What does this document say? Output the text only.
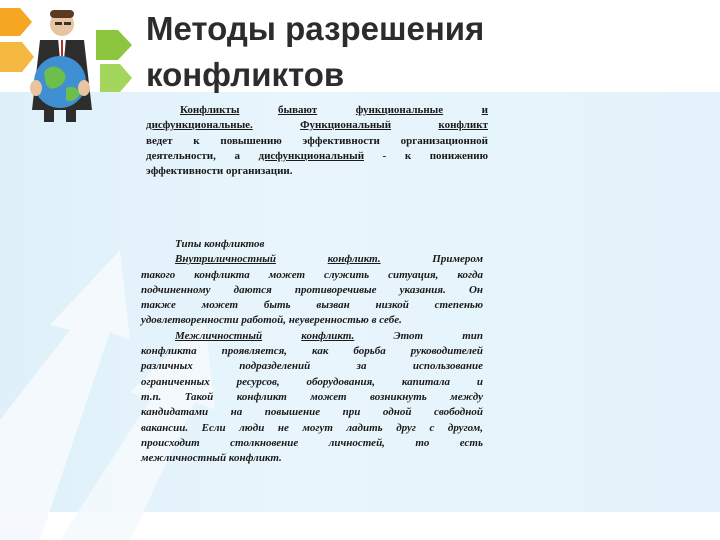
Методы разрешения
конфликтов
Конфликты	бывают	функциональные	и
дисфункциональные.	Функциональный	конфликт
ведет к повышению эффективности организационной
деятельности, а дисфункциональный - к понижению
эффективности организации.
Типы конфликтов
Внутриличностный	конфликт.	Примером
такого конфликта может служить ситуация, когда
подчиненному даются противоречивые указания. Он
также может быть вызван низкой степенью
удовлетворенности работой, неуверенностью в себе.
Межличностный	конфликт.	Этот	тип
конфликта проявляется, как борьба руководителей
различных подразделений за использование
ограниченных ресурсов, оборудования, капитала и
т.п. Такой конфликт может возникнуть между
кандидатами на повышение при одной свободной
вакансии. Если люди не могут ладить друг с другом,
происходит столкновение личностей, то есть
межличностный конфликт.
